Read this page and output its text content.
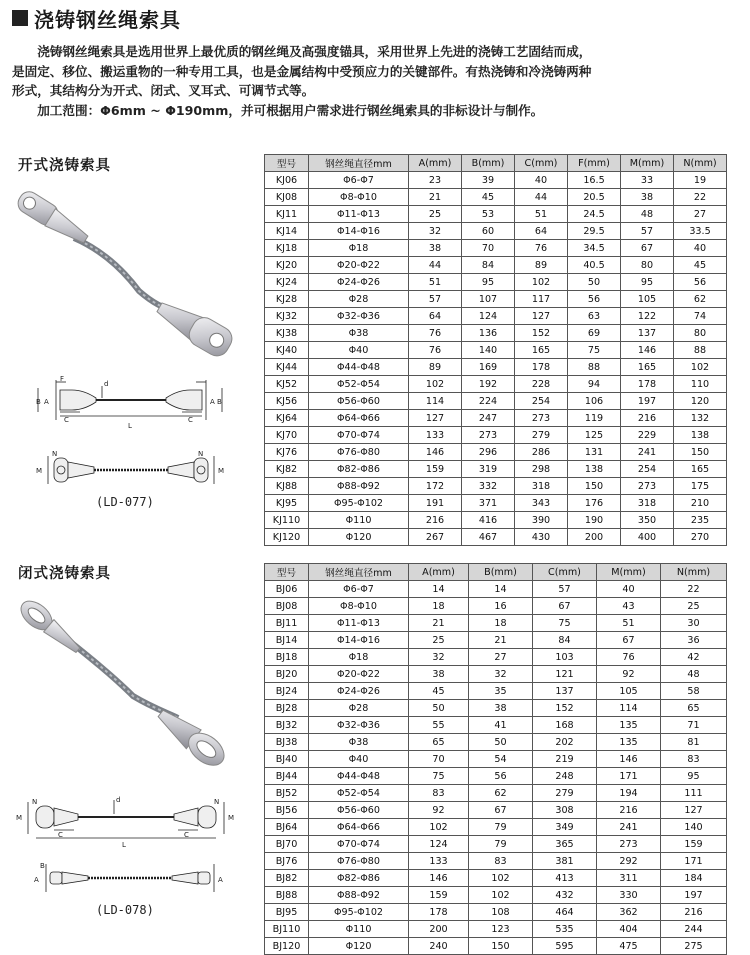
浇铸钢丝绳索具

浇铸钢丝绳索具是选用世界上最优质的钢丝绳及高强度锚具，采用世界上先进的浇铸工艺固结而成，

是固定、移位、搬运重物的一种专用工具，也是金属结构中受预应力的关键部件。有热浇铸和冷浇铸两种

形式，其结构分为开式、闭式、叉耳式、可调节式等。

加工范围：Φ6mm ~ Φ190mm，并可根据用户需求进行钢丝绳索具的非标设计与制作。

开式浇铸索具
B A
F
d
C
L
C
A B
M
N
M
N
(LD-077)
型号	钢丝绳直径mm	A(mm)	B(mm)	C(mm)	F(mm)	M(mm)	N(mm)
KJ06	Φ6-Φ7	23	39	40	16.5	33	19
KJ08	Φ8-Φ10	21	45	44	20.5	38	22
KJ11	Φ11-Φ13	25	53	51	24.5	48	27
KJ14	Φ14-Φ16	32	60	64	29.5	57	33.5
KJ18	Φ18	38	70	76	34.5	67	40
KJ20	Φ20-Φ22	44	84	89	40.5	80	45
KJ24	Φ24-Φ26	51	95	102	50	95	56
KJ28	Φ28	57	107	117	56	105	62
KJ32	Φ32-Φ36	64	124	127	63	122	74
KJ38	Φ38	76	136	152	69	137	80
KJ40	Φ40	76	140	165	75	146	88
KJ44	Φ44-Φ48	89	169	178	88	165	102
KJ52	Φ52-Φ54	102	192	228	94	178	110
KJ56	Φ56-Φ60	114	224	254	106	197	120
KJ64	Φ64-Φ66	127	247	273	119	216	132
KJ70	Φ70-Φ74	133	273	279	125	229	138
KJ76	Φ76-Φ80	146	296	286	131	241	150
KJ82	Φ82-Φ86	159	319	298	138	254	165
KJ88	Φ88-Φ92	172	332	318	150	273	175
KJ95	Φ95-Φ102	191	371	343	176	318	210
KJ110	Φ110	216	416	390	190	350	235
KJ120	Φ120	267	467	430	200	400	270
闭式浇铸索具
M
N	d
C
L
C
N
M
A
B
A
(LD-078)
型号	钢丝绳直径mm	A(mm)	B(mm)	C(mm)	M(mm)	N(mm)
BJ06	Φ6-Φ7	14	14	57	40	22
BJ08	Φ8-Φ10	18	16	67	43	25
BJ11	Φ11-Φ13	21	18	75	51	30
BJ14	Φ14-Φ16	25	21	84	67	36
BJ18	Φ18	32	27	103	76	42
BJ20	Φ20-Φ22	38	32	121	92	48
BJ24	Φ24-Φ26	45	35	137	105	58
BJ28	Φ28	50	38	152	114	65
BJ32	Φ32-Φ36	55	41	168	135	71
BJ38	Φ38	65	50	202	135	81
BJ40	Φ40	70	54	219	146	83
BJ44	Φ44-Φ48	75	56	248	171	95
BJ52	Φ52-Φ54	83	62	279	194	111
BJ56	Φ56-Φ60	92	67	308	216	127
BJ64	Φ64-Φ66	102	79	349	241	140
BJ70	Φ70-Φ74	124	79	365	273	159
BJ76	Φ76-Φ80	133	83	381	292	171
BJ82	Φ82-Φ86	146	102	413	311	184
BJ88	Φ88-Φ92	159	102	432	330	197
BJ95	Φ95-Φ102	178	108	464	362	216
BJ110	Φ110	200	123	535	404	244
BJ120	Φ120	240	150	595	475	275
